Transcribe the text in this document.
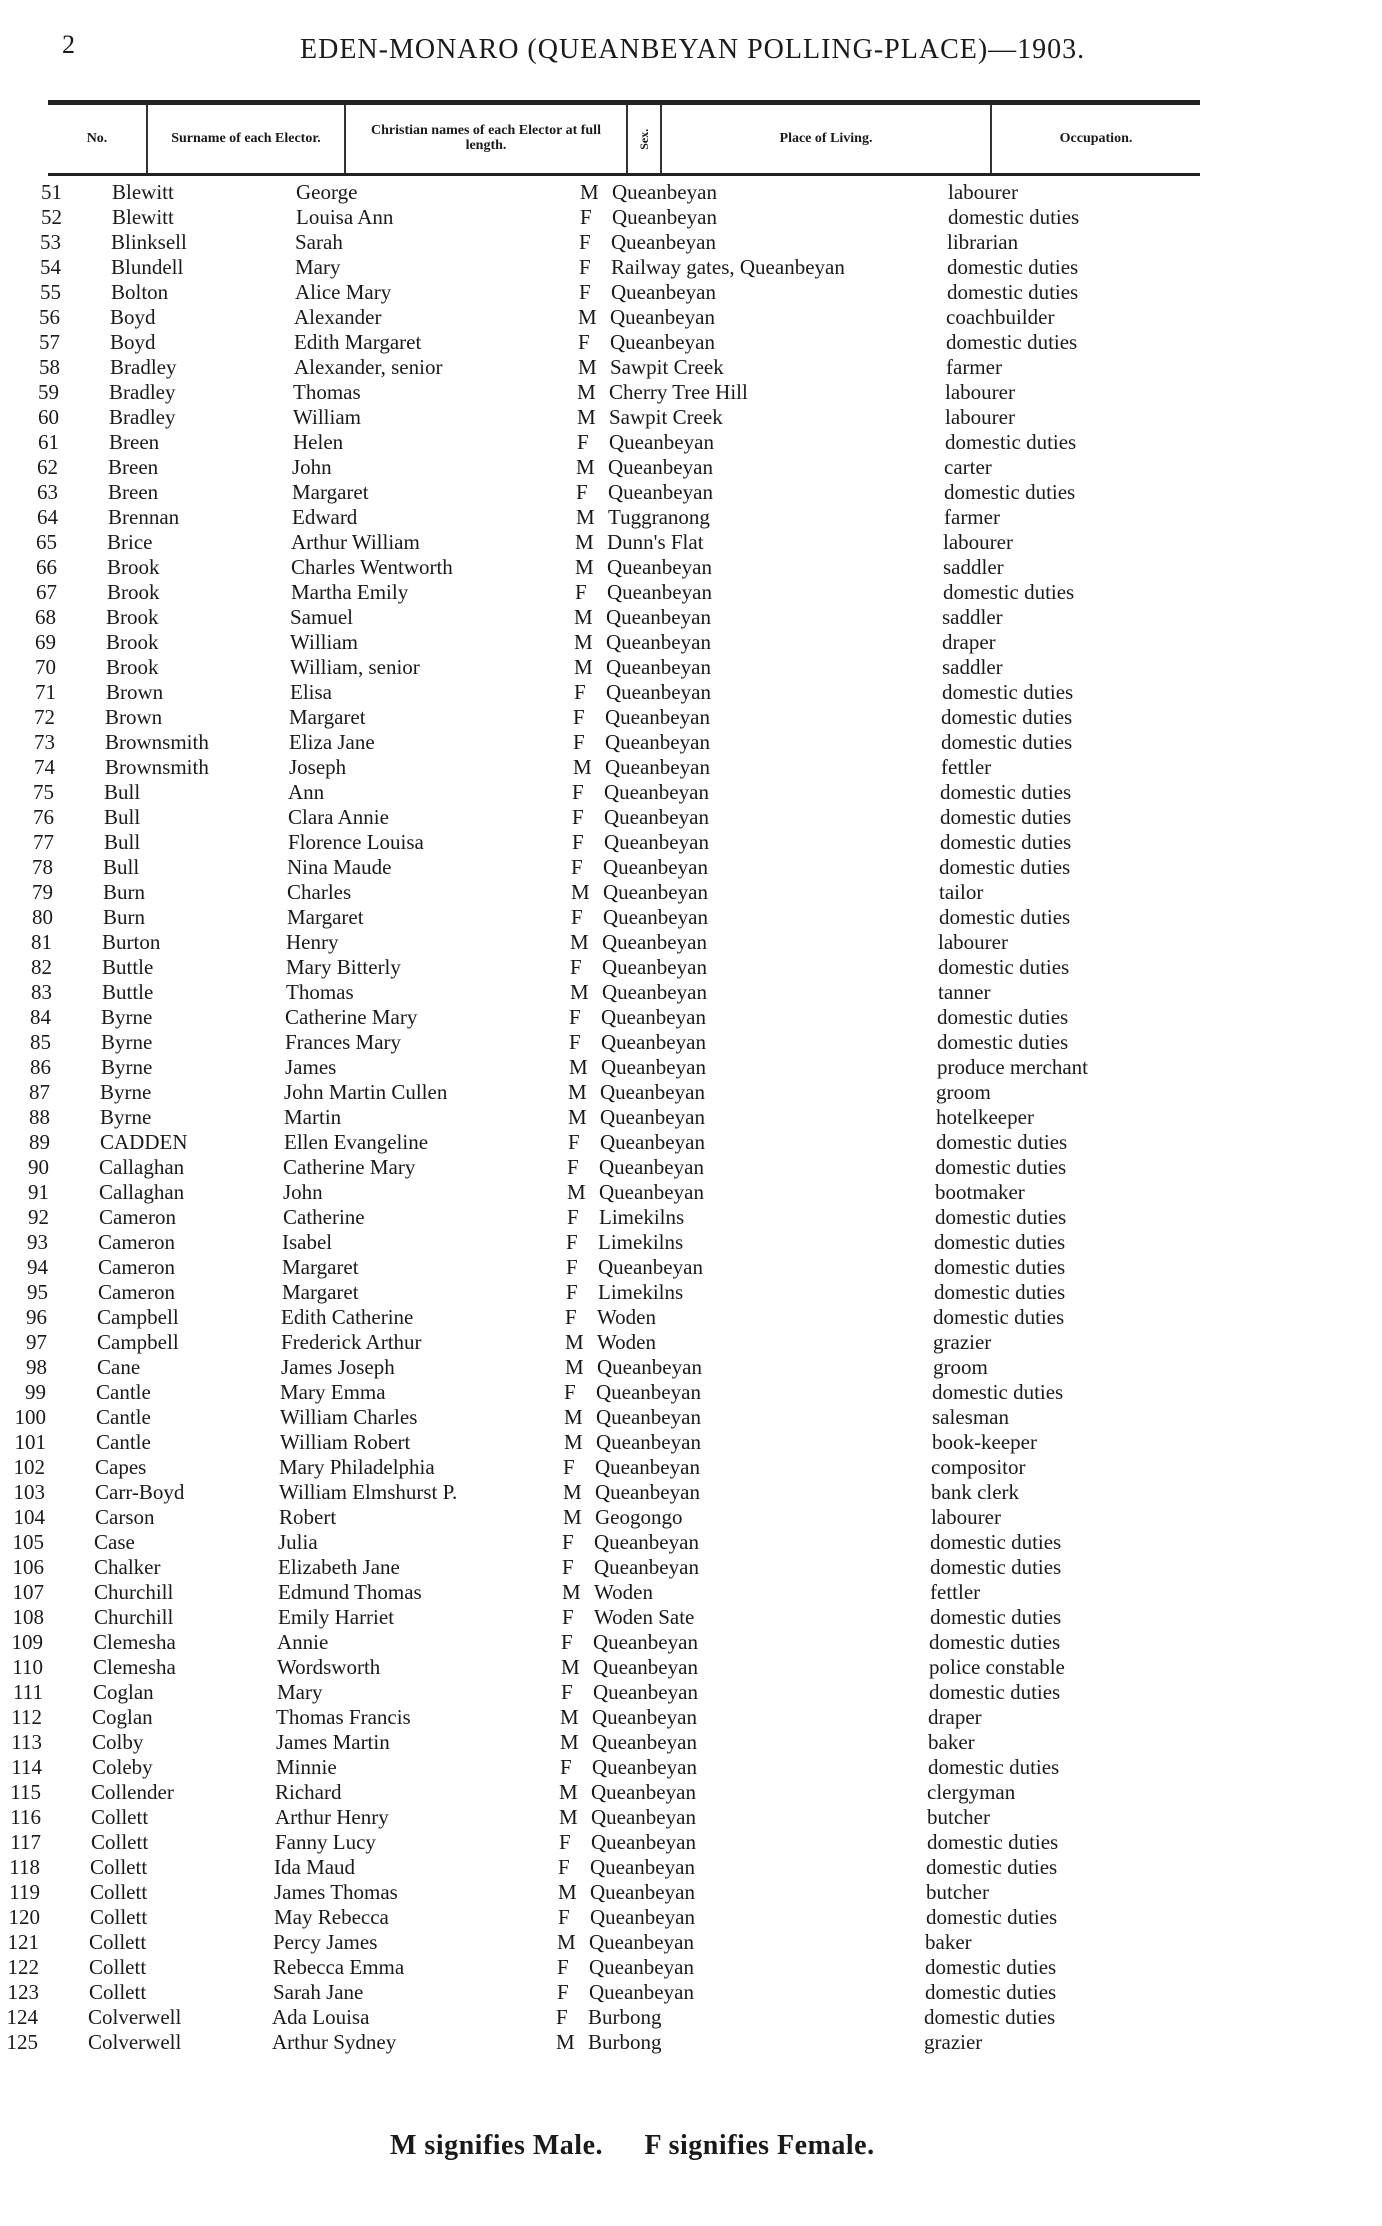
2	EDEN-MONARO (QUEANBEYAN POLLING-PLACE)—1903.
No.	Surname of each Elector.	Christian names of each Elector at full length.	Sex.	Place of Living.	Occupation.
51 Blewitt	George	M Queanbeyan	labourer
52 Blewitt	Louisa Ann	F Queanbeyan	domestic duties
53 Blinksell	Sarah	F Queanbeyan	librarian
54 Blundell	Mary	F Railway gates, Queanbeyan	domestic duties
55 Bolton	Alice Mary	F Queanbeyan	domestic duties
56 Boyd	Alexander	M Queanbeyan	coachbuilder
57 Boyd	Edith Margaret	F Queanbeyan	domestic duties
58 Bradley	Alexander, senior	M Sawpit Creek	farmer
59 Bradley	Thomas	M Cherry Tree Hill	labourer
60 Bradley	William	M Sawpit Creek	labourer
61 Breen	Helen	F Queanbeyan	domestic duties
62 Breen	John	M Queanbeyan	carter
63 Breen	Margaret	F Queanbeyan	domestic duties
64 Brennan	Edward	M Tuggranong	farmer
65 Brice	Arthur William	M Dunn's Flat	labourer
66 Brook	Charles Wentworth	M Queanbeyan	saddler
67 Brook	Martha Emily	F Queanbeyan	domestic duties
68 Brook	Samuel	M Queanbeyan	saddler
69 Brook	William	M Queanbeyan	draper
70 Brook	William, senior	M Queanbeyan	saddler
71 Brown	Elisa	F Queanbeyan	domestic duties
72 Brown	Margaret	F Queanbeyan	domestic duties
73 Brownsmith	Eliza Jane	F Queanbeyan	domestic duties
74 Brownsmith	Joseph	M Queanbeyan	fettler
75 Bull	Ann	F Queanbeyan	domestic duties
76 Bull	Clara Annie	F Queanbeyan	domestic duties
77 Bull	Florence Louisa	F Queanbeyan	domestic duties
78 Bull	Nina Maude	F Queanbeyan	domestic duties
79 Burn	Charles	M Queanbeyan	tailor
80 Burn	Margaret	F Queanbeyan	domestic duties
81 Burton	Henry	M Queanbeyan	labourer
82 Buttle	Mary Bitterly	F Queanbeyan	domestic duties
83 Buttle	Thomas	M Queanbeyan	tanner
84 Byrne	Catherine Mary	F Queanbeyan	domestic duties
85 Byrne	Frances Mary	F Queanbeyan	domestic duties
86 Byrne	James	M Queanbeyan	produce merchant
87 Byrne	John Martin Cullen	M Queanbeyan	groom
88 Byrne	Martin	M Queanbeyan	hotelkeeper
89 CADDEN	Ellen Evangeline	F Queanbeyan	domestic duties
90 Callaghan	Catherine Mary	F Queanbeyan	domestic duties
91 Callaghan	John	M Queanbeyan	bootmaker
92 Cameron	Catherine	F Limekilns	domestic duties
93 Cameron	Isabel	F Limekilns	domestic duties
94 Cameron	Margaret	F Queanbeyan	domestic duties
95 Cameron	Margaret	F Limekilns	domestic duties
96 Campbell	Edith Catherine	F Woden	domestic duties
97 Campbell	Frederick Arthur	M Woden	grazier
98 Cane	James Joseph	M Queanbeyan	groom
99 Cantle	Mary Emma	F Queanbeyan	domestic duties
100 Cantle	William Charles	M Queanbeyan	salesman
101 Cantle	William Robert	M Queanbeyan	book-keeper
102 Capes	Mary Philadelphia	F Queanbeyan	compositor
103 Carr-Boyd	William Elmshurst P.	M Queanbeyan	bank clerk
104 Carson	Robert	M Geogongo	labourer
105 Case	Julia	F Queanbeyan	domestic duties
106 Chalker	Elizabeth Jane	F Queanbeyan	domestic duties
107 Churchill	Edmund Thomas	M Woden	fettler
108 Churchill	Emily Harriet	F Woden Sate	domestic duties
109 Clemesha	Annie	F Queanbeyan	domestic duties
110 Clemesha	Wordsworth	M Queanbeyan	police constable
111 Coglan	Mary	F Queanbeyan	domestic duties
112 Coglan	Thomas Francis	M Queanbeyan	draper
113 Colby	James Martin	M Queanbeyan	baker
114 Coleby	Minnie	F Queanbeyan	domestic duties
115 Collender	Richard	M Queanbeyan	clergyman
116 Collett	Arthur Henry	M Queanbeyan	butcher
117 Collett	Fanny Lucy	F Queanbeyan	domestic duties
118 Collett	Ida Maud	F Queanbeyan	domestic duties
119 Collett	James Thomas	M Queanbeyan	butcher
120 Collett	May Rebecca	F Queanbeyan	domestic duties
121 Collett	Percy James	M Queanbeyan	baker
122 Collett	Rebecca Emma	F Queanbeyan	domestic duties
123 Collett	Sarah Jane	F Queanbeyan	domestic duties
124 Colverwell	Ada Louisa	F Burbong	domestic duties
125 Colverwell	Arthur Sydney	M Burbong	grazier
M signifies Male. F signifies Female.
